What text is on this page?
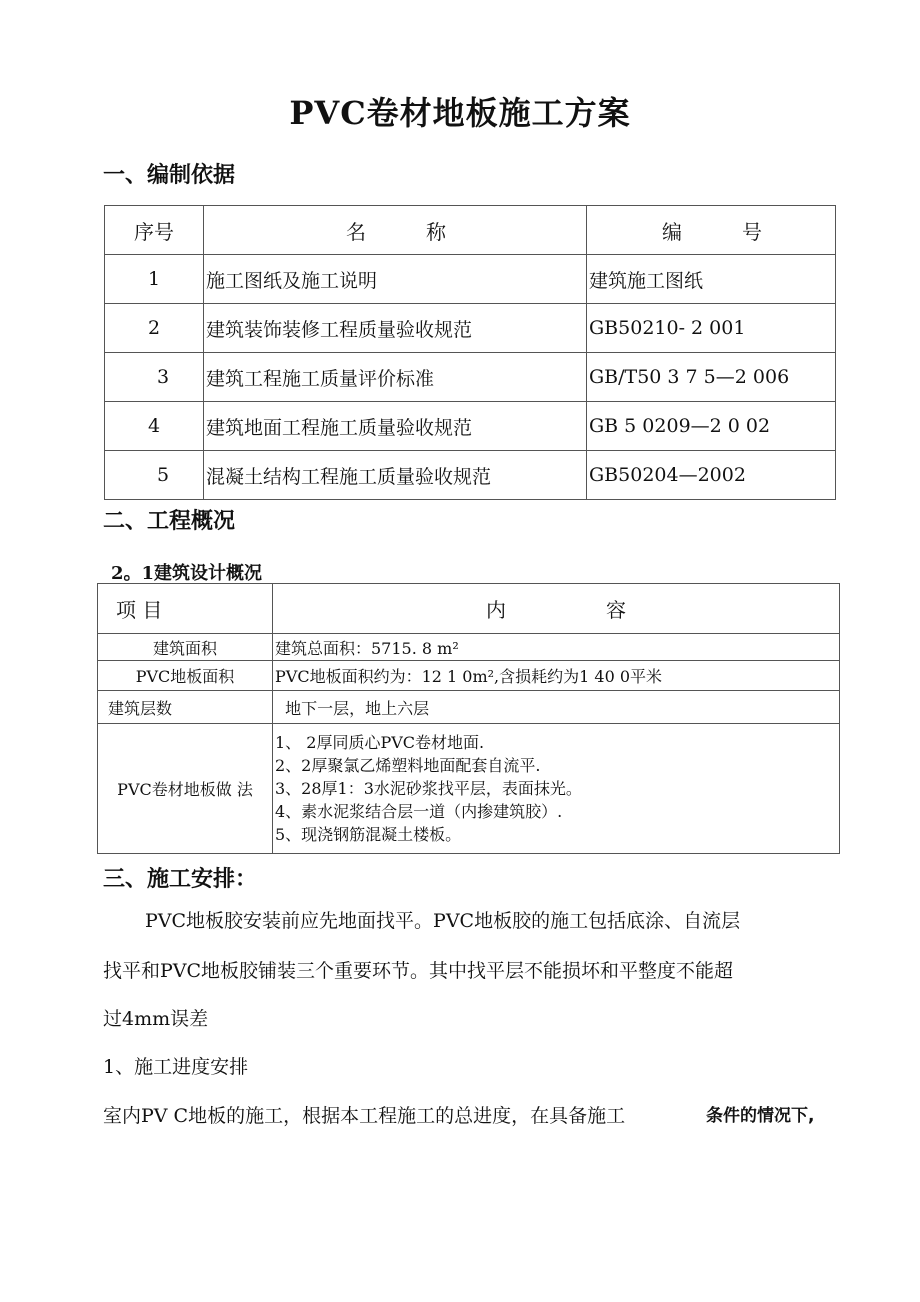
PVC卷材地板施工方案
一、编制依据
序号	名　　　称	编　　　号
1	施工图纸及施工说明	建筑施工图纸
2	建筑装饰装修工程质量验收规范	GB50210- 2 001
3	建筑工程施工质量评价标准	GB/T50 3 7 5—2 006
4	建筑地面工程施工质量验收规范	GB 5 0209—2 0 02
5	混凝土结构工程施工质量验收规范	GB50204—2002
二、工程概况
2。1建筑设计概况
项 目	内　　　　　容
建筑面积	建筑总面积：5715. 8 m²
PVC地板面积	PVC地板面积约为：12 1 0m²,含损耗约为1 40 0平米
建筑层数	地下一层，地上六层
PVC卷材地板做 法	1、 2厚同质心PVC卷材地面.
2、2厚聚氯乙烯塑料地面配套自流平.
3、28厚1：3水泥砂浆找平层，表面抹光。
4、素水泥浆结合层一道（内掺建筑胶）.
5、现浇钢筋混凝土楼板。
三、施工安排：
PVC地板胶安装前应先地面找平。PVC地板胶的施工包括底涂、自流层
找平和PVC地板胶铺装三个重要环节。其中找平层不能损坏和平整度不能超
过4mm误差
1、施工进度安排
室内PV C地板的施工，根据本工程施工的总进度，在具备施工	条件的情况下,
